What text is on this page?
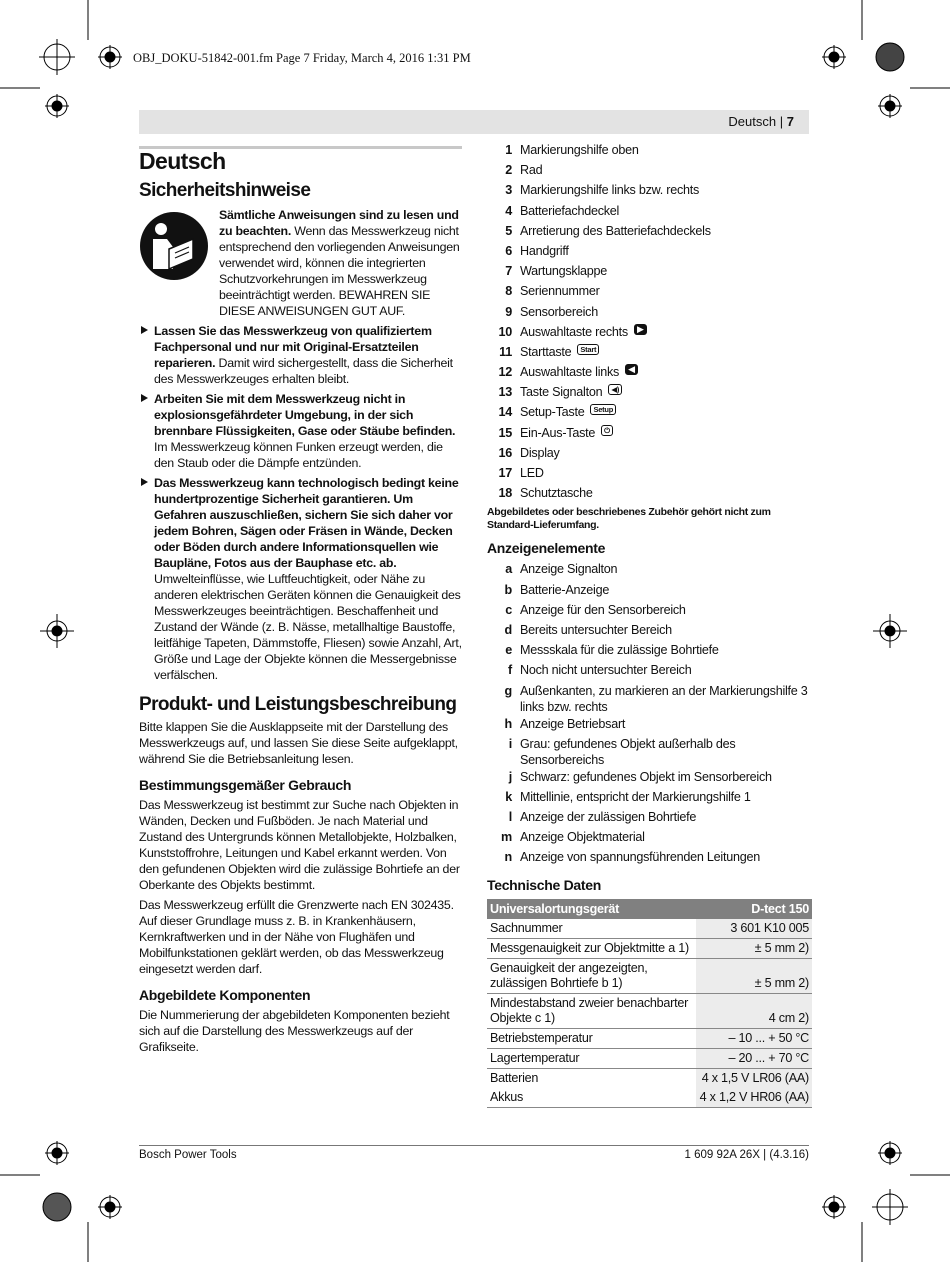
OBJ_DOKU-51842-001.fm Page 7 Friday, March 4, 2016 1:31 PM
Deutsch | 7
Deutsch
Sicherheitshinweise
Sämtliche Anweisungen sind zu lesen und zu beachten. Wenn das Messwerkzeug nicht entsprechend den vorliegenden Anweisungen verwendet wird, können die integrierten Schutzvorkehrungen im Messwerkzeug beeinträchtigt werden. BEWAHREN SIE DIESE ANWEISUNGEN GUT AUF.
Lassen Sie das Messwerkzeug von qualifiziertem Fachpersonal und nur mit Original-Ersatzteilen reparieren. Damit wird sichergestellt, dass die Sicherheit des Messwerkzeuges erhalten bleibt.
Arbeiten Sie mit dem Messwerkzeug nicht in explosionsgefährdeter Umgebung, in der sich brennbare Flüssigkeiten, Gase oder Stäube befinden. Im Messwerkzeug können Funken erzeugt werden, die den Staub oder die Dämpfe entzünden.
Das Messwerkzeug kann technologisch bedingt keine hundertprozentige Sicherheit garantieren. Um Gefahren auszuschließen, sichern Sie sich daher vor jedem Bohren, Sägen oder Fräsen in Wände, Decken oder Böden durch andere Informationsquellen wie Baupläne, Fotos aus der Bauphase etc. ab. Umwelteinflüsse, wie Luftfeuchtigkeit, oder Nähe zu anderen elektrischen Geräten können die Genauigkeit des Messwerkzeuges beeinträchtigen. Beschaffenheit und Zustand der Wände (z. B. Nässe, metallhaltige Baustoffe, leitfähige Tapeten, Dämmstoffe, Fliesen) sowie Anzahl, Art, Größe und Lage der Objekte können die Messergebnisse verfälschen.
Produkt- und Leistungsbeschreibung

Bitte klappen Sie die Ausklappseite mit der Darstellung des Messwerkzeugs auf, und lassen Sie diese Seite aufgeklappt, während Sie die Betriebsanleitung lesen.

Bestimmungsgemäßer Gebrauch

Das Messwerkzeug ist bestimmt zur Suche nach Objekten in Wänden, Decken und Fußböden. Je nach Material und Zustand des Untergrunds können Metallobjekte, Holzbalken, Kunststoffrohre, Leitungen und Kabel erkannt werden. Von den gefundenen Objekten wird die zulässige Bohrtiefe an der Oberkante des Objekts bestimmt.

Das Messwerkzeug erfüllt die Grenzwerte nach EN 302435. Auf dieser Grundlage muss z. B. in Krankenhäusern, Kernkraftwerken und in der Nähe von Flughäfen und Mobilfunkstationen geklärt werden, ob das Messwerkzeug eingesetzt werden darf.

Abgebildete Komponenten

Die Nummerierung der abgebildeten Komponenten bezieht sich auf die Darstellung des Messwerkzeugs auf der Grafikseite.

1 Markierungshilfe oben
2 Rad
3 Markierungshilfe links bzw. rechts
4 Batteriefachdeckel
5 Arretierung des Batteriefachdeckels
6 Handgriff
7 Wartungsklappe
8 Seriennummer
9 Sensorbereich
10 Auswahltaste rechts	▶
11 Starttaste	Start
12 Auswahltaste links	◀
13 Taste Signalton	◀)
14 Setup-Taste	Setup
15 Ein-Aus-Taste	⏻
16 Display
17 LED
18 Schutztasche
Abgebildetes oder beschriebenes Zubehör gehört nicht zum Standard-Lieferumfang.
Anzeigenelemente
a Anzeige Signalton
b Batterie-Anzeige
c Anzeige für den Sensorbereich
d Bereits untersuchter Bereich
e Messskala für die zulässige Bohrtiefe
f Noch nicht untersuchter Bereich
g Außenkanten, zu markieren an der Markierungshilfe 3 links bzw. rechts
h Anzeige Betriebsart
i Grau: gefundenes Objekt außerhalb des Sensorbereichs
j Schwarz: gefundenes Objekt im Sensorbereich
k Mittellinie, entspricht der Markierungshilfe 1
l Anzeige der zulässigen Bohrtiefe
m Anzeige Objektmaterial
n Anzeige von spannungsführenden Leitungen
Technische Daten
Universalortungsgerät	D-tect 150
Sachnummer	3 601 K10 005
Messgenauigkeit zur Objektmitte a 1)	± 5 mm 2)
Genauigkeit der angezeigten, zulässigen Bohrtiefe b 1)	± 5 mm 2)
Mindestabstand zweier benachbarter Objekte c 1)	4 cm 2)
Betriebstemperatur	– 10 ... + 50 °C
Lagertemperatur	– 20 ... + 70 °C
Batterien	4 x 1,5 V LR06 (AA)
Akkus	4 x 1,2 V HR06 (AA)
Bosch Power Tools	1 609 92A 26X | (4.3.16)
